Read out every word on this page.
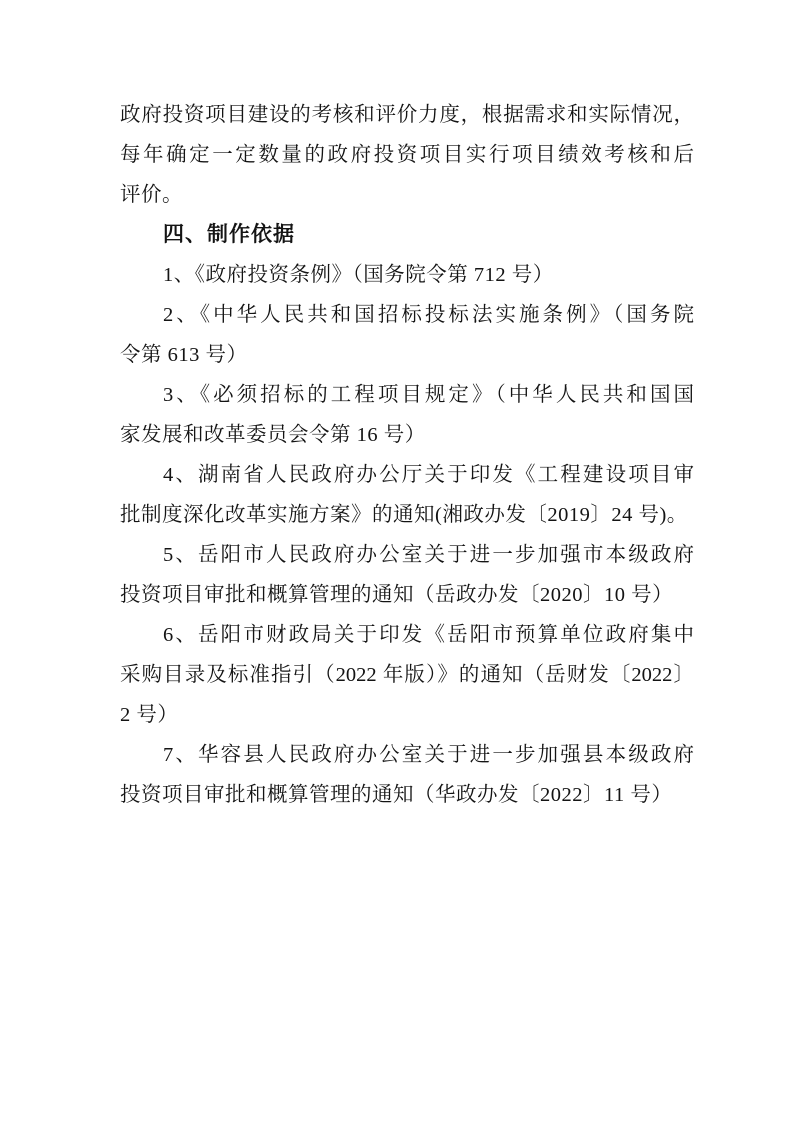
政府投资项目建设的考核和评价力度，根据需求和实际情况，
每年确定一定数量的政府投资项目实行项目绩效考核和后
评价。
四、制作依据
1、《政府投资条例》（国务院令第 712 号）
2、《中华人民共和国招标投标法实施条例》（国务院
令第 613 号）
3、《必须招标的工程项目规定》（中华人民共和国国
家发展和改革委员会令第 16 号）
4、湖南省人民政府办公厅关于印发《工程建设项目审
批制度深化改革实施方案》的通知(湘政办发〔2019〕24 号)。
5、岳阳市人民政府办公室关于进一步加强市本级政府
投资项目审批和概算管理的通知（岳政办发〔2020〕10 号）
6、岳阳市财政局关于印发《岳阳市预算单位政府集中
采购目录及标准指引（2022 年版）》的通知（岳财发〔2022〕
2 号）
7、华容县人民政府办公室关于进一步加强县本级政府
投资项目审批和概算管理的通知（华政办发〔2022〕11 号）
